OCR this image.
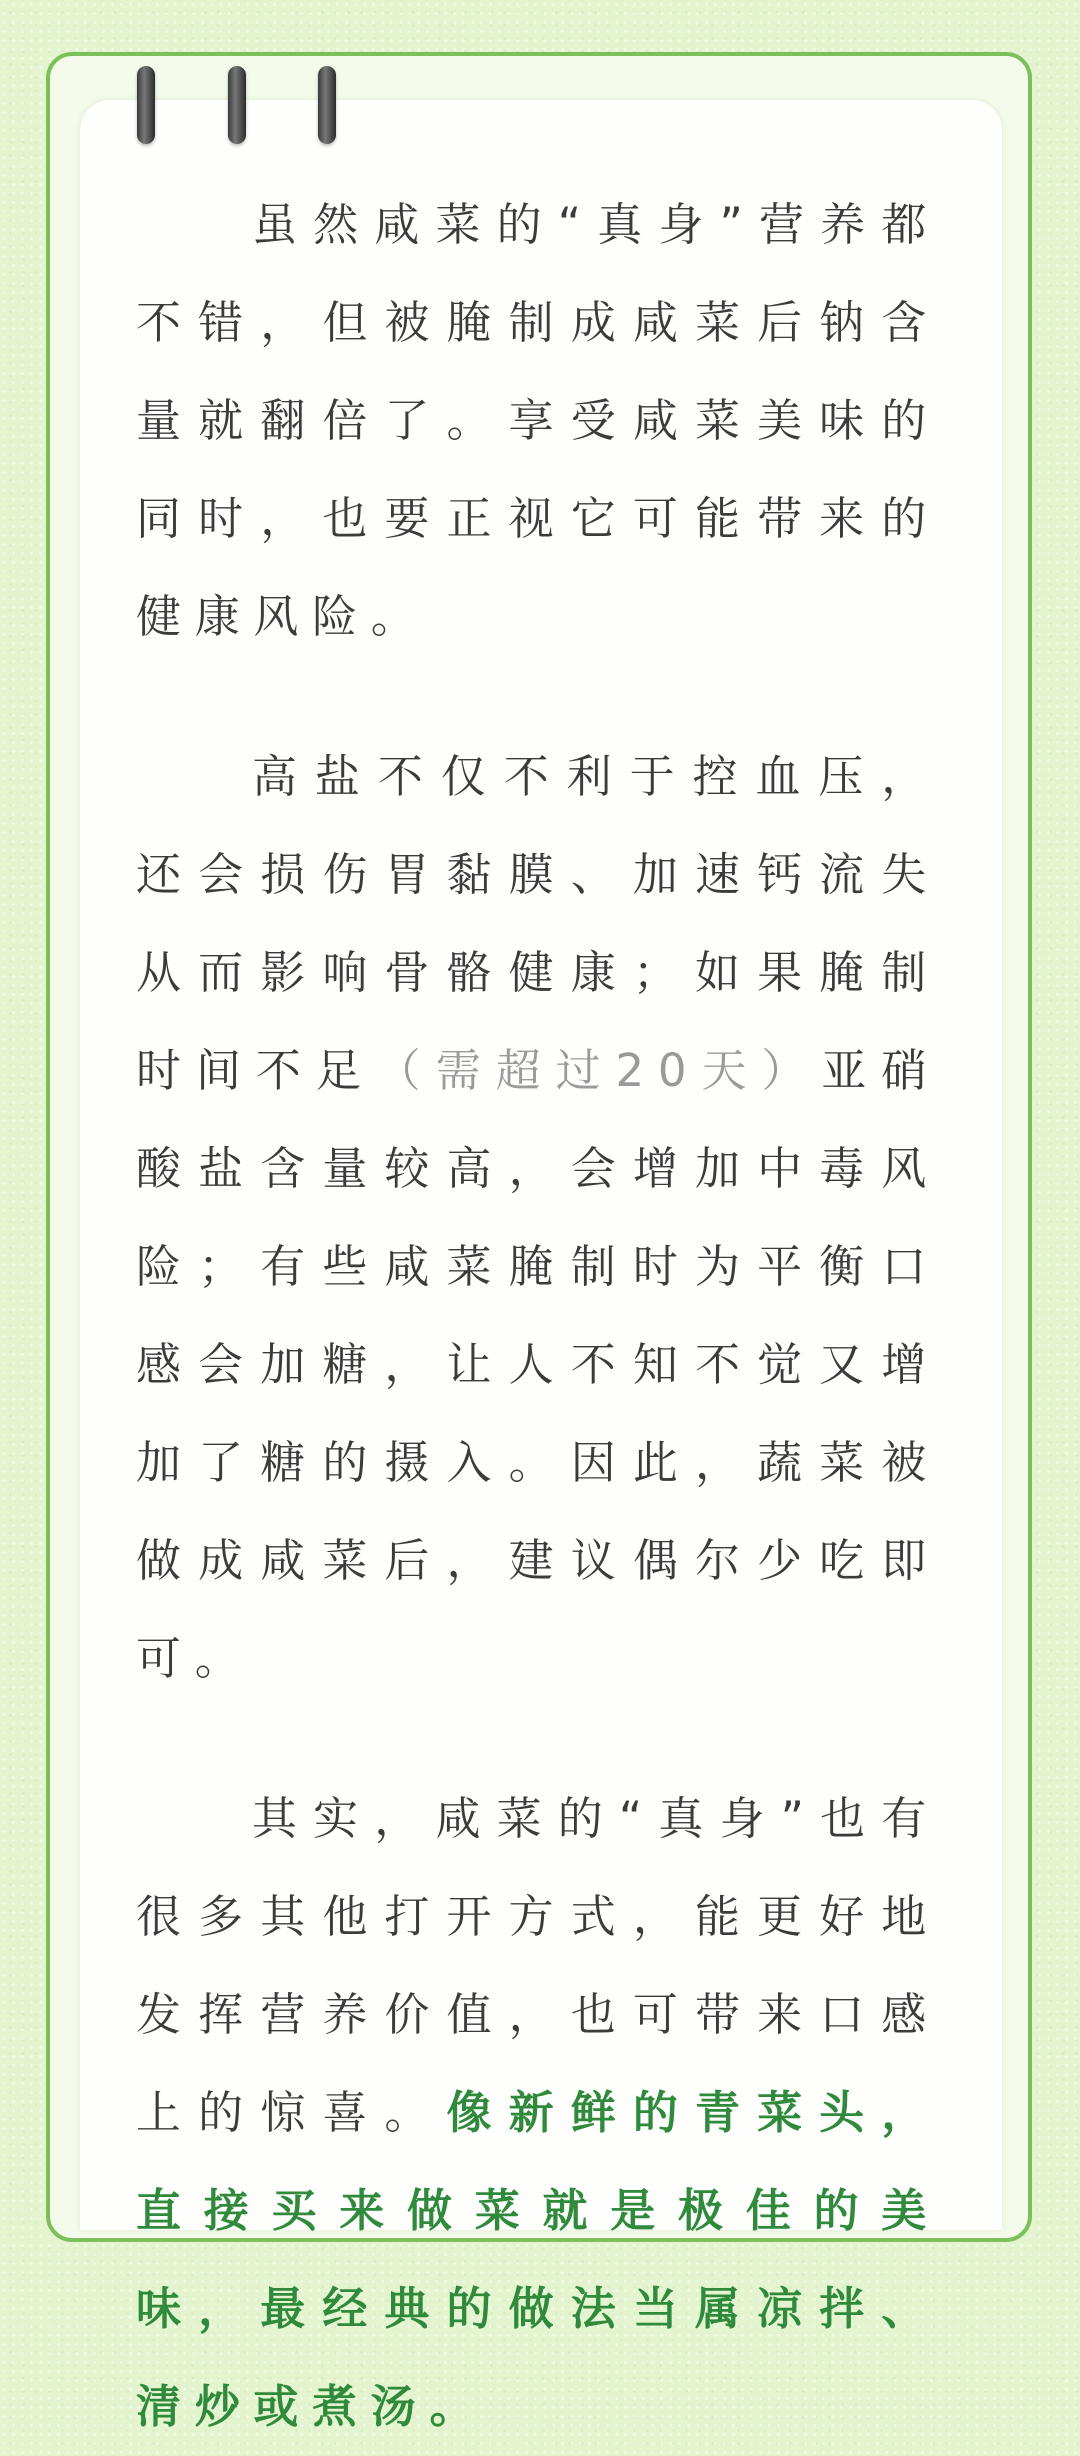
虽然咸菜的“真身”营养都不错，但被腌制成咸菜后钠含量就翻倍了。享受咸菜美味的同时，也要正视它可能带来的健康风险。

高盐不仅不利于控血压，还会损伤胃黏膜、加速钙流失从而影响骨骼健康；如果腌制时间不足（需超过20天）亚硝酸盐含量较高，会增加中毒风险；有些咸菜腌制时为平衡口感会加糖，让人不知不觉又增加了糖的摄入。因此，蔬菜被做成咸菜后，建议偶尔少吃即可。

其实，咸菜的“真身”也有很多其他打开方式，能更好地发挥营养价值，也可带来口感上的惊喜。像新鲜的青菜头，直接买来做菜就是极佳的美味，最经典的做法当属凉拌、清炒或煮汤。
